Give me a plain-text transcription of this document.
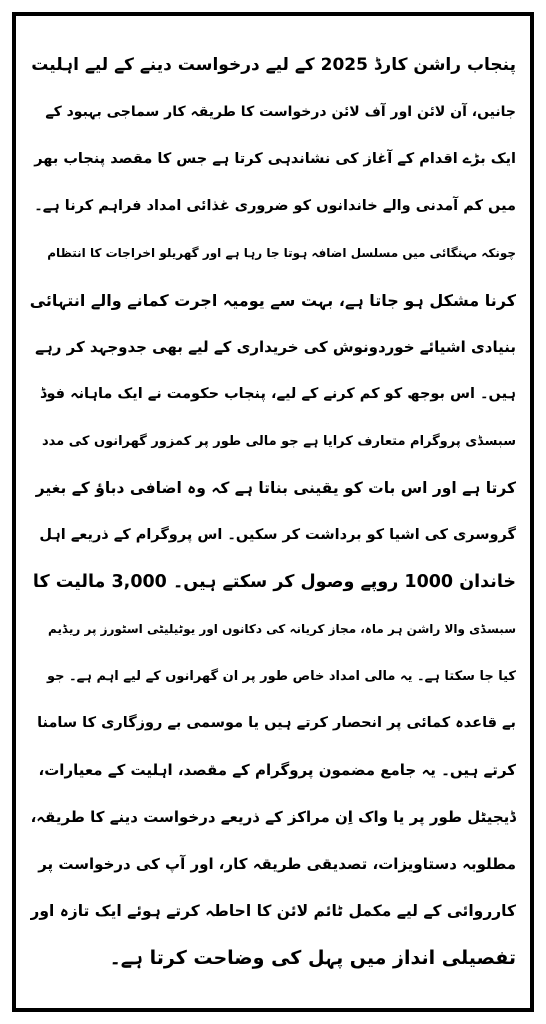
پنجاب راشن کارڈ 2025 کے لیے درخواست دینے کے لیے اہلیت
جانیں، آن لائن اور آف لائن درخواست کا طریقہ کار سماجی بہبود کے
ایک بڑے اقدام کے آغاز کی نشاندہی کرتا ہے جس کا مقصد پنجاب بھر
میں کم آمدنی والے خاندانوں کو ضروری غذائی امداد فراہم کرنا ہے۔
چونکہ مہنگائی میں مسلسل اضافہ ہوتا جا رہا ہے اور گھریلو اخراجات کا انتظام
کرنا مشکل ہو جاتا ہے، بہت سے یومیہ اجرت کمانے والے انتہائی
بنیادی اشیائے خوردونوش کی خریداری کے لیے بھی جدوجہد کر رہے
ہیں۔ اس بوجھ کو کم کرنے کے لیے، پنجاب حکومت نے ایک ماہانہ فوڈ
سبسڈی پروگرام متعارف کرایا ہے جو مالی طور پر کمزور گھرانوں کی مدد
کرتا ہے اور اس بات کو یقینی بناتا ہے کہ وہ اضافی دباؤ کے بغیر
گروسری کی اشیا کو برداشت کر سکیں۔ اس پروگرام کے ذریعے اہل
خاندان 1000 روپے وصول کر سکتے ہیں۔ 3,000 مالیت کا
سبسڈی والا راشن ہر ماہ، مجاز کریانہ کی دکانوں اور یوٹیلیٹی اسٹورز پر ریڈیم
کیا جا سکتا ہے۔ یہ مالی امداد خاص طور پر ان گھرانوں کے لیے اہم ہے۔ جو
بے قاعدہ کمائی پر انحصار کرتے ہیں یا موسمی بے روزگاری کا سامنا
کرتے ہیں۔ یہ جامع مضمون پروگرام کے مقصد، اہلیت کے معیارات،
ڈیجیٹل طور پر یا واک اِن مراکز کے ذریعے درخواست دینے کا طریقہ،
مطلوبہ دستاویزات، تصدیقی طریقہ کار، اور آپ کی درخواست پر
کارروائی کے لیے مکمل ٹائم لائن کا احاطہ کرتے ہوئے ایک تازہ اور
تفصیلی انداز میں پہل کی وضاحت کرتا ہے۔
